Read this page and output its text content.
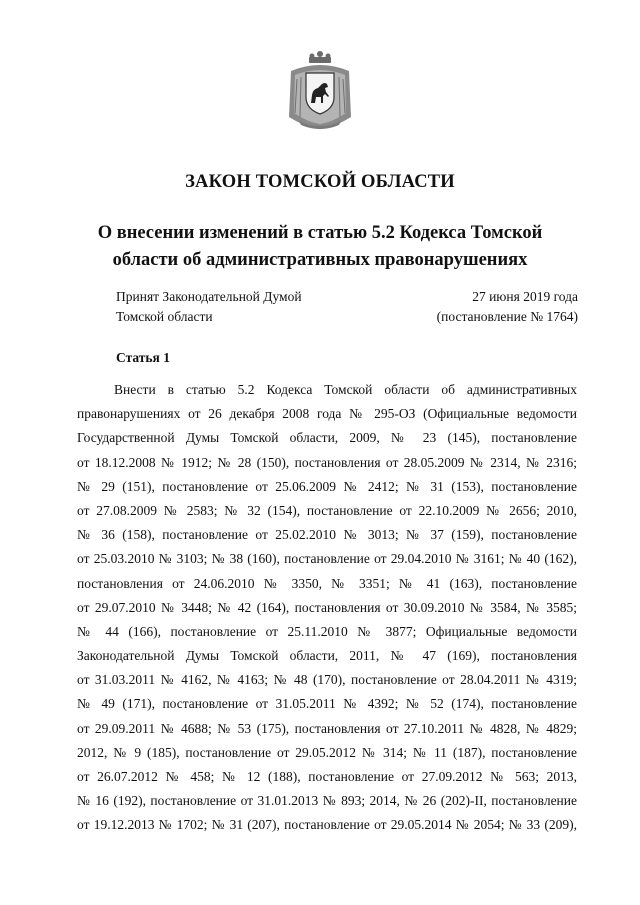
ЗАКОН ТОМСКОЙ ОБЛАСТИ
О внесении изменений в статью 5.2 Кодекса Томской
области об административных правонарушениях
Принят Законодательной Думой
Томской области
27 июня 2019 года
(постановление № 1764)
Статья 1
Внести в статью 5.2 Кодекса Томской области об административных
правонарушениях от 26 декабря 2008 года № 295-ОЗ (Официальные ведомости
Государственной Думы Томской области, 2009, № 23 (145), постановление
от 18.12.2008 № 1912; № 28 (150), постановления от 28.05.2009 № 2314, № 2316;
№ 29 (151), постановление от 25.06.2009 № 2412; № 31 (153), постановление
от 27.08.2009 № 2583; № 32 (154), постановление от 22.10.2009 № 2656; 2010,
№ 36 (158), постановление от 25.02.2010 № 3013; № 37 (159), постановление
от 25.03.2010 № 3103; № 38 (160), постановление от 29.04.2010 № 3161; № 40 (162),
постановления от 24.06.2010 № 3350, № 3351; № 41 (163), постановление
от 29.07.2010 № 3448; № 42 (164), постановления от 30.09.2010 № 3584, № 3585;
№ 44 (166), постановление от 25.11.2010 № 3877; Официальные ведомости
Законодательной Думы Томской области, 2011, № 47 (169), постановления
от 31.03.2011 № 4162, № 4163; № 48 (170), постановление от 28.04.2011 № 4319;
№ 49 (171), постановление от 31.05.2011 № 4392; № 52 (174), постановление
от 29.09.2011 № 4688; № 53 (175), постановления от 27.10.2011 № 4828, № 4829;
2012, № 9 (185), постановление от 29.05.2012 № 314; № 11 (187), постановление
от 26.07.2012 № 458; № 12 (188), постановление от 27.09.2012 № 563; 2013,
№ 16 (192), постановление от 31.01.2013 № 893; 2014, № 26 (202)-II, постановление
от 19.12.2013 № 1702; № 31 (207), постановление от 29.05.2014 № 2054; № 33 (209),
